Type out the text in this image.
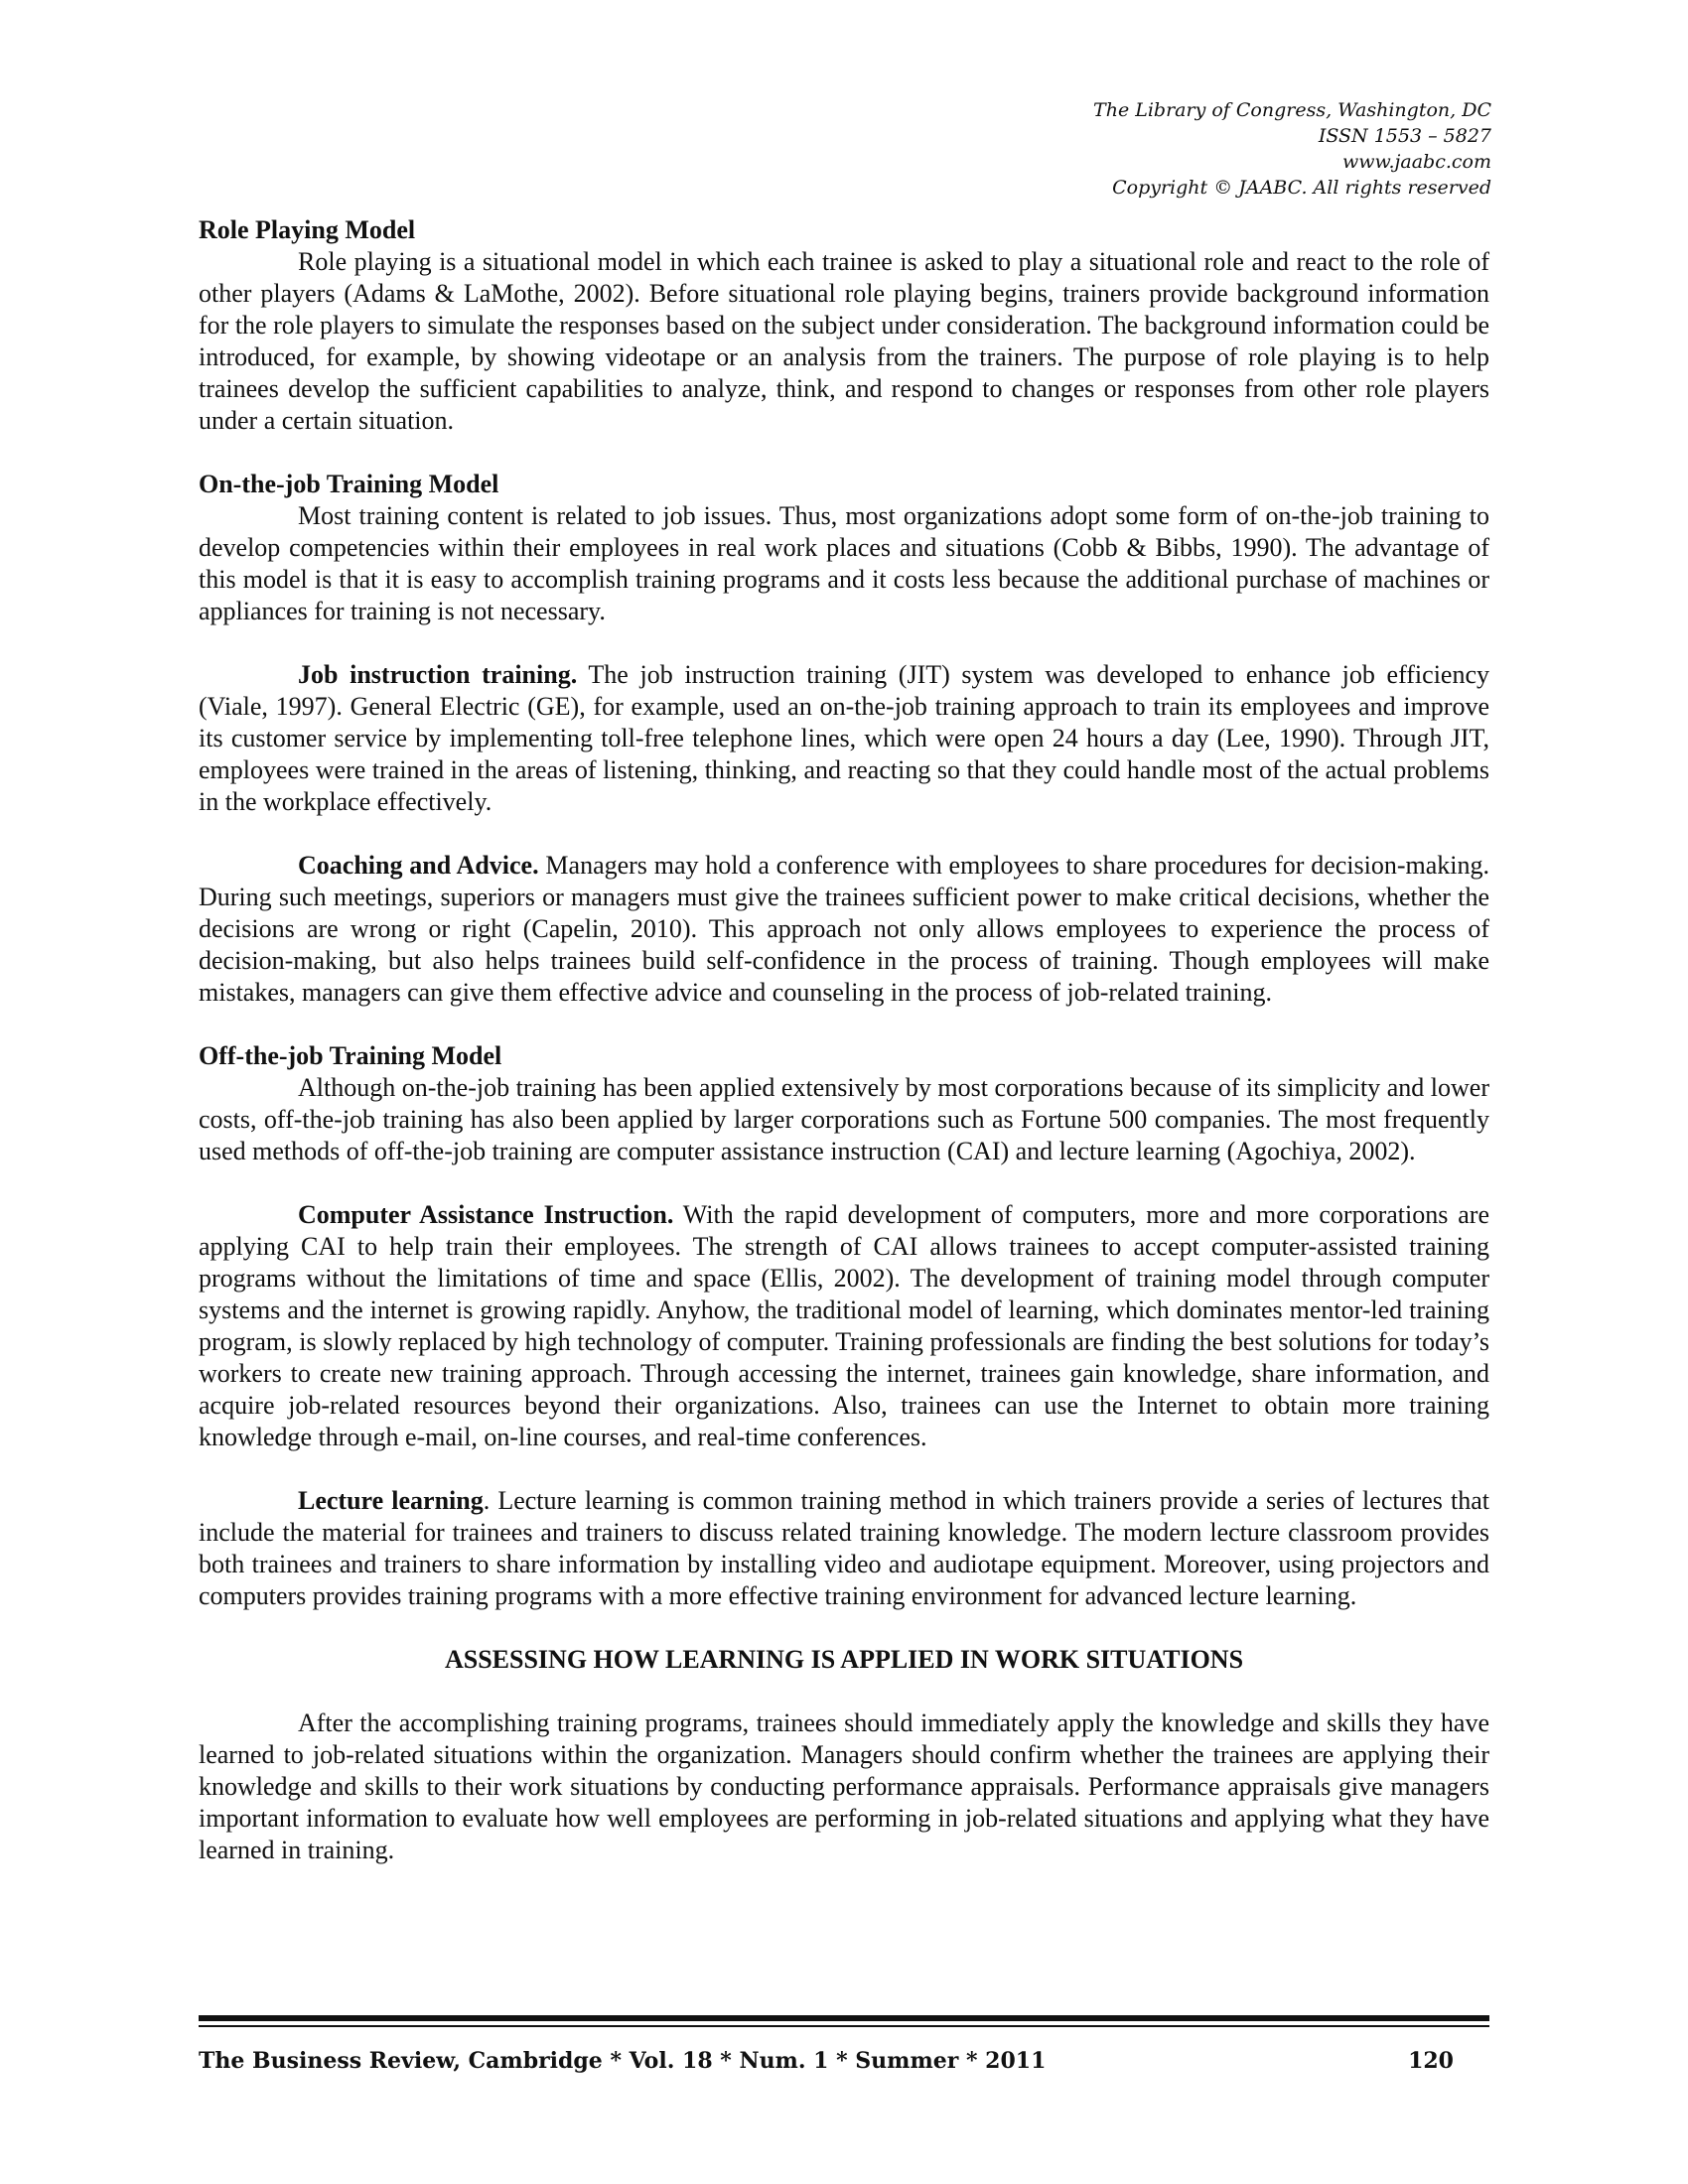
The Library of Congress, Washington, DC
ISSN 1553 – 5827
www.jaabc.com
Copyright © JAABC. All rights reserved

Role Playing Model

Role playing is a situational model in which each trainee is asked to play a situational role and react to the role of other players (Adams & LaMothe, 2002). Before situational role playing begins, trainers provide background information for the role players to simulate the responses based on the subject under consideration. The background information could be introduced, for example, by showing videotape or an analysis from the trainers. The purpose of role playing is to help trainees develop the sufficient capabilities to analyze, think, and respond to changes or responses from other role players under a certain situation.

On-the-job Training Model

Most training content is related to job issues. Thus, most organizations adopt some form of on-the-job training to develop competencies within their employees in real work places and situations (Cobb & Bibbs, 1990). The advantage of this model is that it is easy to accomplish training programs and it costs less because the additional purchase of machines or appliances for training is not necessary.

Job instruction training. The job instruction training (JIT) system was developed to enhance job efficiency (Viale, 1997). General Electric (GE), for example, used an on-the-job training approach to train its employees and improve its customer service by implementing toll-free telephone lines, which were open 24 hours a day (Lee, 1990). Through JIT, employees were trained in the areas of listening, thinking, and reacting so that they could handle most of the actual problems in the workplace effectively.

Coaching and Advice. Managers may hold a conference with employees to share procedures for decision-making. During such meetings, superiors or managers must give the trainees sufficient power to make critical decisions, whether the decisions are wrong or right (Capelin, 2010). This approach not only allows employees to experience the process of decision-making, but also helps trainees build self-confidence in the process of training. Though employees will make mistakes, managers can give them effective advice and counseling in the process of job-related training.

Off-the-job Training Model

Although on-the-job training has been applied extensively by most corporations because of its simplicity and lower costs, off-the-job training has also been applied by larger corporations such as Fortune 500 companies. The most frequently used methods of off-the-job training are computer assistance instruction (CAI) and lecture learning (Agochiya, 2002).

Computer Assistance Instruction. With the rapid development of computers, more and more corporations are applying CAI to help train their employees. The strength of CAI allows trainees to accept computer-assisted training programs without the limitations of time and space (Ellis, 2002). The development of training model through computer systems and the internet is growing rapidly. Anyhow, the traditional model of learning, which dominates mentor-led training program, is slowly replaced by high technology of computer. Training professionals are finding the best solutions for today’s workers to create new training approach. Through accessing the internet, trainees gain knowledge, share information, and acquire job-related resources beyond their organizations. Also, trainees can use the Internet to obtain more training knowledge through e-mail, on-line courses, and real-time conferences.

Lecture learning. Lecture learning is common training method in which trainers provide a series of lectures that include the material for trainees and trainers to discuss related training knowledge. The modern lecture classroom provides both trainees and trainers to share information by installing video and audiotape equipment. Moreover, using projectors and computers provides training programs with a more effective training environment for advanced lecture learning.

ASSESSING HOW LEARNING IS APPLIED IN WORK SITUATIONS

After the accomplishing training programs, trainees should immediately apply the knowledge and skills they have learned to job-related situations within the organization. Managers should confirm whether the trainees are applying their knowledge and skills to their work situations by conducting performance appraisals. Performance appraisals give managers important information to evaluate how well employees are performing in job-related situations and applying what they have learned in training.

The Business Review, Cambridge * Vol. 18 * Num. 1 * Summer * 2011	120
